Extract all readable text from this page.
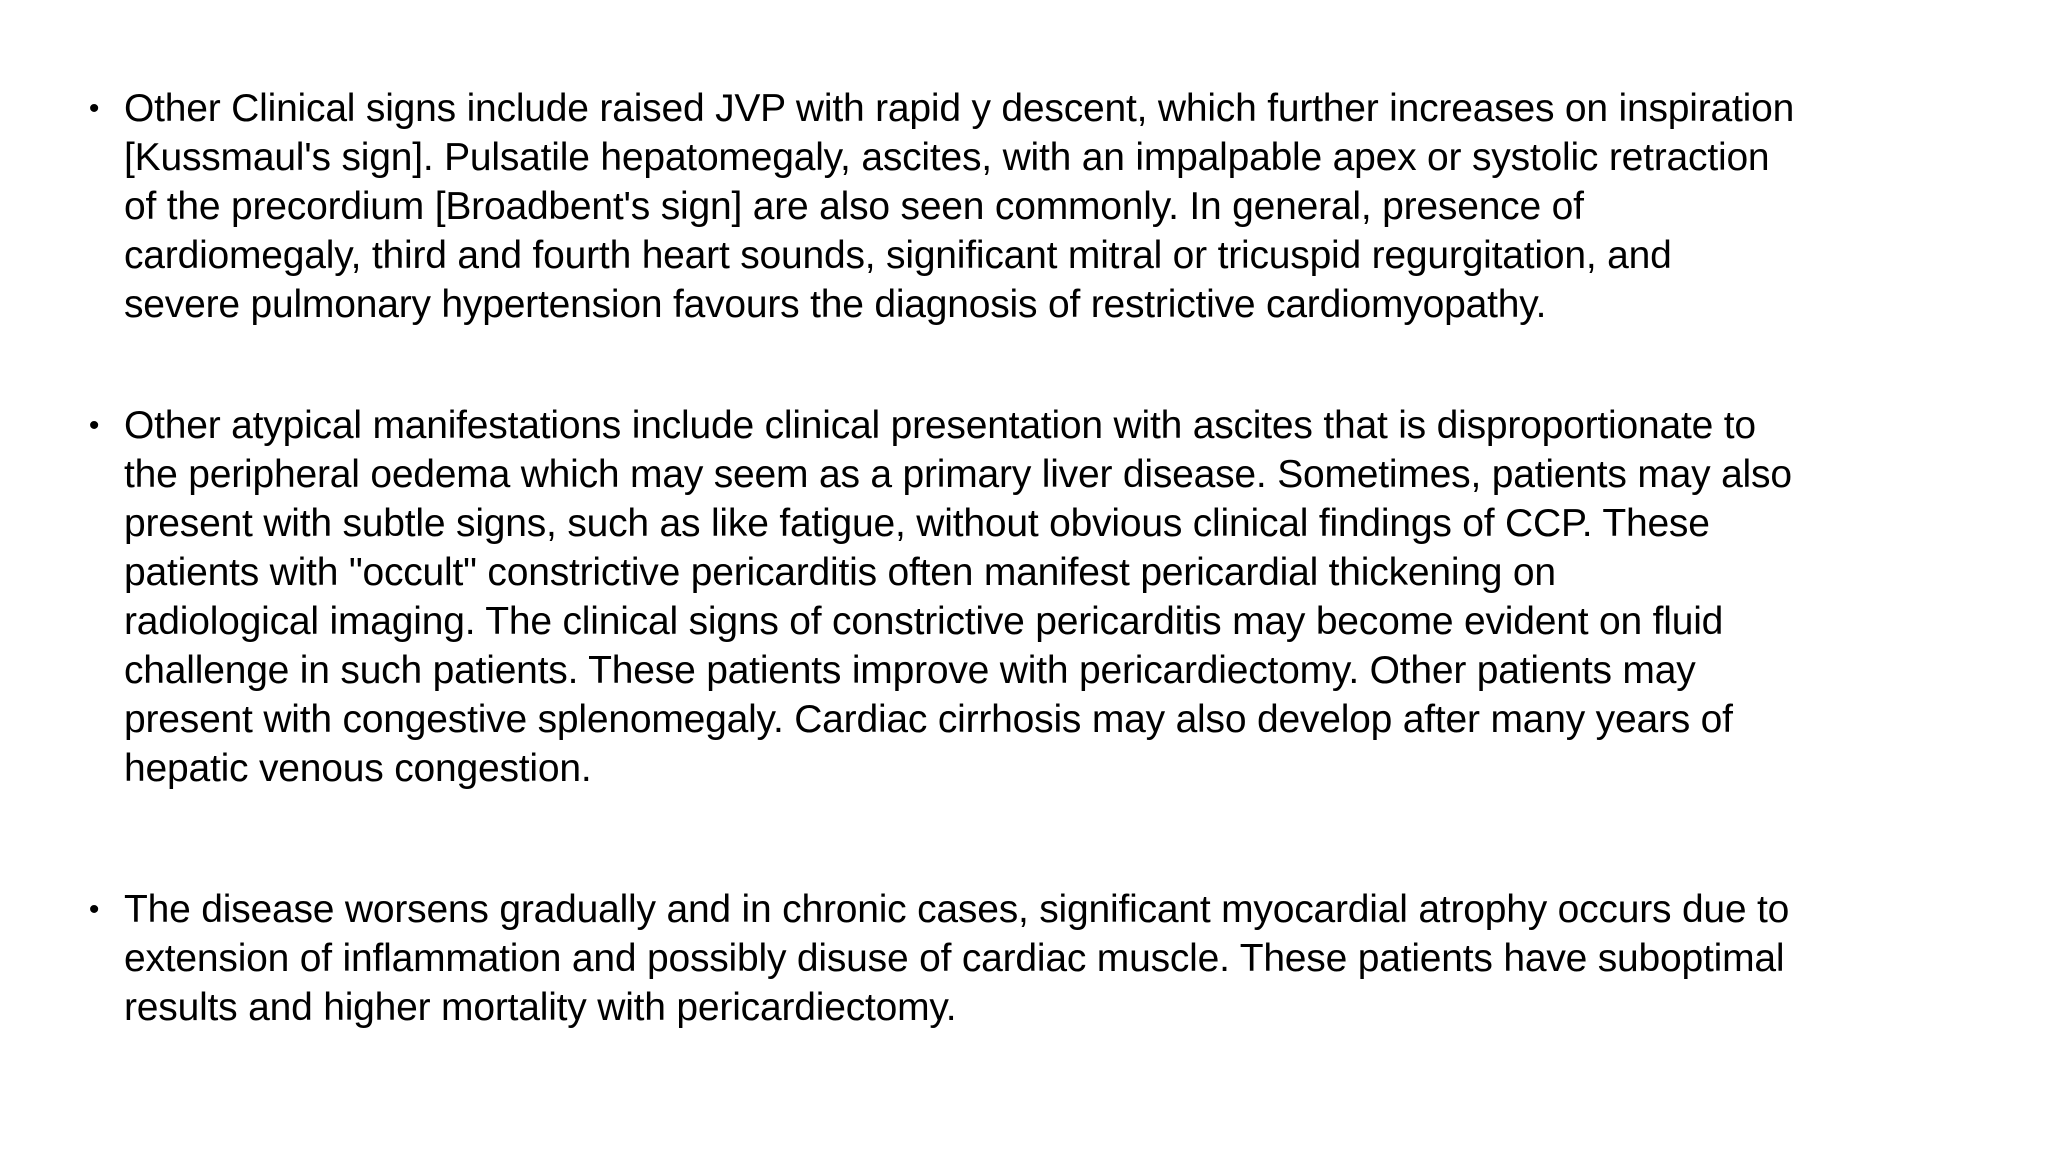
• Other Clinical signs include raised JVP with rapid y descent, which further increases on inspiration
[Kussmaul's sign]. Pulsatile hepatomegaly, ascites, with an impalpable apex or systolic retraction
of the precordium [Broadbent's sign] are also seen commonly. In general, presence of
cardiomegaly, third and fourth heart sounds, significant mitral or tricuspid regurgitation, and
severe pulmonary hypertension favours the diagnosis of restrictive cardiomyopathy.
• Other atypical manifestations include clinical presentation with ascites that is disproportionate to
the peripheral oedema which may seem as a primary liver disease. Sometimes, patients may also
present with subtle signs, such as like fatigue, without obvious clinical findings of CCP. These
patients with "occult" constrictive pericarditis often manifest pericardial thickening on
radiological imaging. The clinical signs of constrictive pericarditis may become evident on fluid
challenge in such patients. These patients improve with pericardiectomy. Other patients may
present with congestive splenomegaly. Cardiac cirrhosis may also develop after many years of
hepatic venous congestion.
• The disease worsens gradually and in chronic cases, significant myocardial atrophy occurs due to
extension of inflammation and possibly disuse of cardiac muscle. These patients have suboptimal
results and higher mortality with pericardiectomy.
